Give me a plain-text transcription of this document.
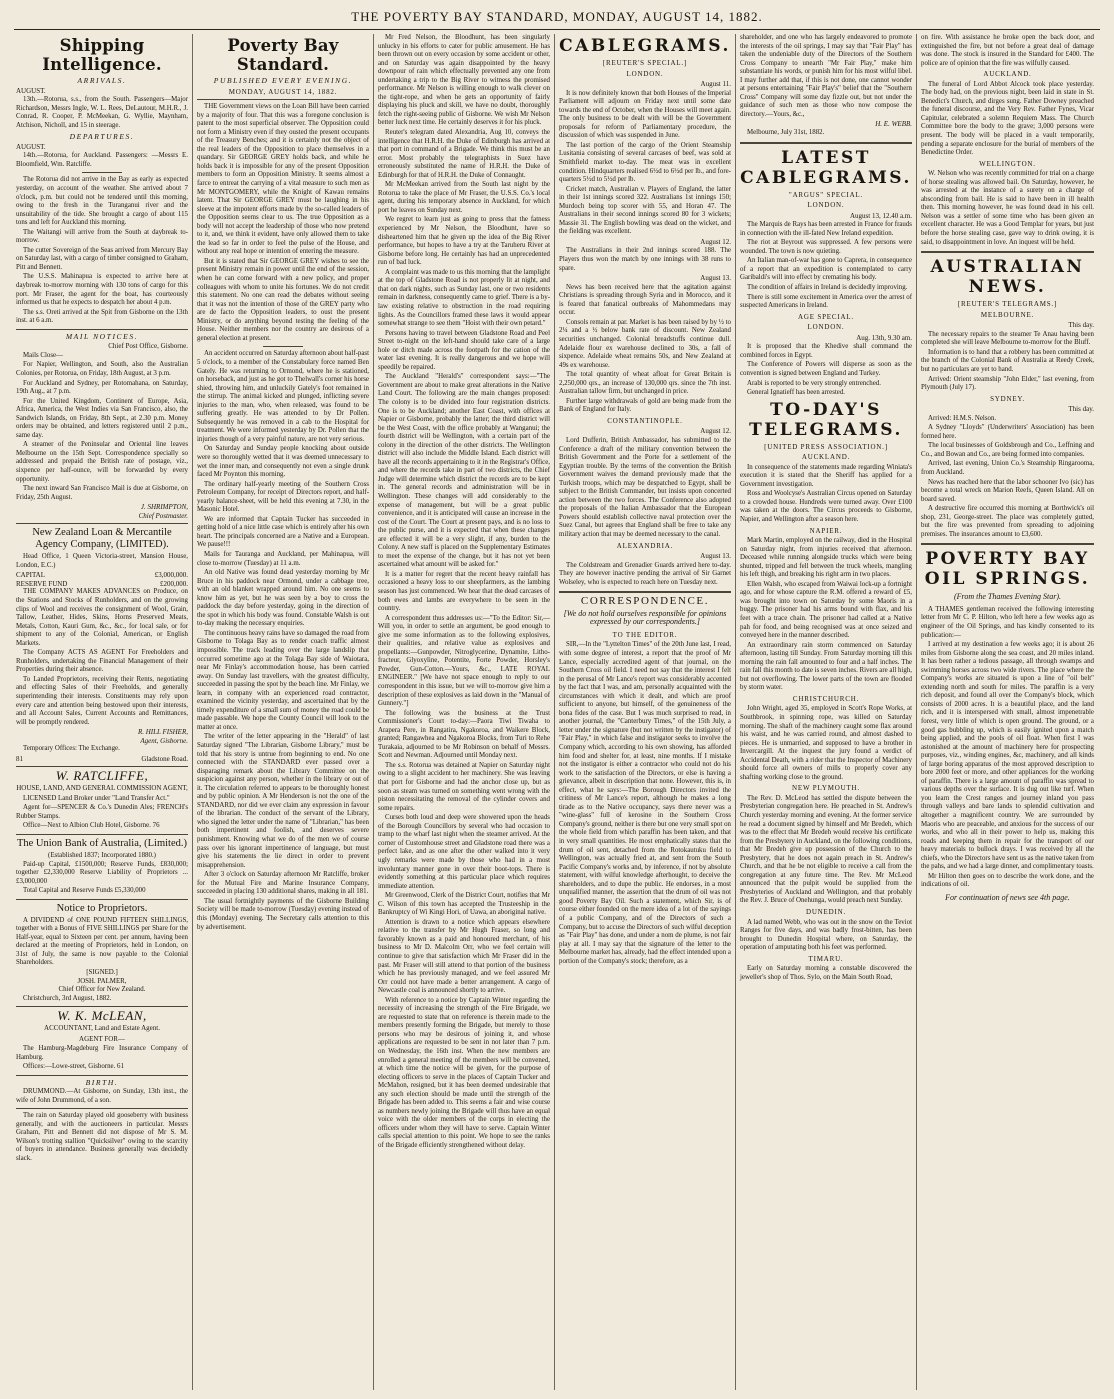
THE POVERTY BAY STANDARD, MONDAY, AUGUST 14, 1882.
Shipping Intelligence.
ARRIVALS.
AUGUST.

13th.—Rotorua, s.s., from the South. Passengers—Major Richardson, Messrs Ingle, W. L. Rees, DeLautour, M.H.R., J. Conrad, R. Cooper, P. McMeekan, G. Wyllie, Maynham, Atchison, Nicholl, and 15 in steerage.

DEPARTURES.
AUGUST.

14th.—Rotorua, for Auckland. Passengers: —Messrs E. Bloomfield, Wm. Ratcliffe.

The Rotorua did not arrive in the Bay as early as expected yesterday, on account of the weather. She arrived about 7 o'clock, p.m. but could not be tendered until this morning, owing to the fresh in the Turanganui river and the unsuitability of the tide. She brought a cargo of about 115 tons and left for Auckland this morning.

The Waitangi will arrive from the South at daybreak to-morrow.

The cutter Sovereign of the Seas arrived from Mercury Bay on Saturday last, with a cargo of timber consigned to Graham, Pitt and Bennett.

The U.S.S. Mahinapua is expected to arrive here at daybreak to-morrow morning with 130 tons of cargo for this port. Mr Fraser, the agent for the boat, has courteously informed us that he expects to despatch her about 4 p.m.

The s.s. Oreti arrived at the Spit from Gisborne on the 13th inst. at 6 a.m.

MAIL NOTICES.
Chief Post Office, Gisborne.

Mails Close—

For Napier, Wellington, and South, also the Australian Colonies, per Rotorua, on Friday, 18th August, at 3 p.m.

For Auckland and Sydney, per Rotomahana, on Saturday, 19th Aug., at 7 p.m.

For the United Kingdom, Continent of Europe, Asia, Africa, America, the West Indies via San Francisco, also, the Sandwich Islands, on Friday, 8th Sept., at 2.30 p.m. Money orders may be obtained, and letters registered until 2 p.m., same day.

A steamer of the Peninsular and Oriental line leaves Melbourne on the 15th Sept. Correspondence specially so addressed and prepaid the British rate of postage, viz., sixpence per half-ounce, will be forwarded by every opportunity.

The next inward San Francisco Mail is due at Gisborne, on Friday, 25th August.

J. SHRIMPTON,
Chief Postmaster.
New Zealand Loan & Mercantile Agency Company, (LIMITED).

Head Office, 1 Queen Victoria-street, Mansion House, London, E.C.)

CAPITAL	£3,000,000.
RESERVE FUND	£200,000.

THE COMPANY MAKES ADVANCES on Produce, on the Stations and Stocks of Runholders, and on the growing clips of Wool and receives the consignment of Wool, Grain, Tallow, Leather, Hides, Skins, Horns Preserved Meats, Metals, Cotton, Kauri Gum, &c., &c., for local sale, or for shipment to any of the Colonial, American, or English Markets.

The Company ACTS AS AGENT For Freeholders and Runholders, undertaking the Financial Management of their Properties during their absence.

To Landed Proprietors, receiving their Rents, negotiating and effecting Sales of their Freeholds, and generally superintending their interests. Constituents may rely upon every care and attention being bestowed upon their interests, and all Account Sales, Current Accounts and Remittances, will be promptly rendered.

R. HILL FISHER,
Agent, Gisborne.

Temporary Offices: The Exchange.

81	Gladstone Road.
W. RATCLIFFE,
HOUSE, LAND, AND GENERAL COMMISSION AGENT,

LICENSED Land Broker under "Land Transfer Act."

Agent for—SPENCER & Co.'s Dunedin Ales; FRENCH's Rubber Stamps.

Office—Next to Albion Club Hotel, Gisborne. 76

The Union Bank of Australia, (Limited.)
(Established 1837; Incorporated 1880.)

Paid-up Capital, £1500,000; Reserve Funds, £830,000; together £2,330,000 Reserve Liability of Proprietors ... £3,000,000

Total Capital and Reserve Funds £5,330,000

Notice to Proprietors.

A DIVIDEND of ONE POUND FIFTEEN SHILLINGS, together with a Bonus of FIVE SHILLINGS per Share for the Half-year, equal to Sixteen per cent. per annum, having been declared at the meeting of Proprietors, held in London, on 31st of July, the same is now payable to the Colonial Shareholders.

[SIGNED.]
JOSH. PALMER,
Chief Officer for New Zealand.

Christchurch, 3rd August, 1882.

W. K. McLEAN,
ACCOUNTANT, Land and Estate Agent.
AGENT FOR—

The Hamburg-Magdeburg Fire Insurance Company of Hamburg.

Offices:—Lowe-street, Gisborne. 61

BIRTH.

DRUMMOND.—At Gisborne, on Sunday, 13th inst., the wife of John Drummond, of a son.

The rain on Saturday played old gooseberry with business generally, and with the auctioneers in particular. Messrs Graham, Pitt and Bennett did not dispose of Mr S. M. Wilson's trotting stallion "Quicksilver" owing to the scarcity of buyers in attendance. Business generally was decidedly slack.

Poverty Bay Standard.
PUBLISHED EVERY EVENING.
MONDAY, AUGUST 14, 1882.

THE Government views on the Loan Bill have been carried by a majority of four. That this was a foregone conclusion is patent to the most superficial observer. The Opposition could not form a Ministry even if they ousted the present occupants of the Treasury Benches; and it is certainly not the object of the real leaders of the Opposition to place themselves in a quandary. Sir GEORGE GREY holds back, and while he holds back it is impossible for any of the present Opposition members to form an Opposition Ministry. It seems almost a farce to entreat the carrying of a vital measure to such men as Mr MONTGOMERY, while the Knight of Kawau remains latent. That Sir GEORGE GREY must be laughing in his sleeve at the impotent efforts made by the so-called leaders of the Opposition seems clear to us. The true Opposition as a body will not accept the leadership of those who now pretend to it, and, we think it evident, have only allowed them to take the lead so far in order to feel the pulse of the House, and without any real hope or intention of entering the measure.

But it is stated that Sir GEORGE GREY wishes to see the present Ministry remain in power until the end of the session, when he can come forward with a new policy, and proper colleagues with whom to unite his fortunes. We do not credit this statement. No one can read the debates without seeing that it was not the intention of those of the GREY party who are de facto the Opposition leaders, to oust the present Ministry, or do anything beyond testing the feeling of the House. Neither members nor the country are desirous of a general election at present.

An accident occurred on Saturday afternoon about half-past 5 o'clock, to a member of the Constabulary force named Ben Gately. He was returning to Ormond, where he is stationed, on horseback, and just as he got to Thelwall's corner his horse shied, throwing him, and unluckily Gately's foot remained in the stirrup. The animal kicked and plunged, inflicting severe injuries to the man, who, when released, was found to be suffering greatly. He was attended to by Dr Pollen. Subsequently he was removed in a cab to the Hospital for treatment. We were informed yesterday by Dr. Pollen that the injuries though of a very painful nature, are not very serious.

On Saturday and Sunday people knocking about outside were so thoroughly wetted that it was deemed unnecessary to wet the inner man, and consequently not even a single drunk faced Mr Poynton this morning.

The ordinary half-yearly meeting of the Southern Cross Petroleum Company, for receipt of Directors report, and half-yearly balance-sheet, will be held this evening at 7.30, in the Masonic Hotel.

We are informed that Captain Tucker has succeeded in getting hold of a nice little case which is entirely after his own heart. The principals concerned are a Native and a European. We pause!!!

Mails for Tauranga and Auckland, per Mahinapua, will close to-morrow (Tuesday) at 11 a.m.

An old Native was found dead yesterday morning by Mr Bruce in his paddock near Ormond, under a cabbage tree, with an old blanket wrapped around him. No one seems to know him as yet, but he was seen by a boy to cross the paddock the day before yesterday, going in the direction of the spot in which his body was found. Constable Walsh is out to-day making the necessary enquiries.

The continuous heavy rains have so damaged the road from Gisborne to Tolaga Bay as to render coach traffic almost impossible. The track leading over the large landslip that occurred sometime ago at the Tolaga Bay side of Waiotara, near Mr Finlay's accommodation house, has been carried away. On Sunday last travellers, with the greatest difficulty, succeeded in passing the spot by the beach line. Mr Finlay, we learn, in company with an experienced road contractor, examined the vicinity yesterday, and ascertained that by the timely expenditure of a small sum of money the road could be made passable. We hope the County Council will look to the matter at once.

The writer of the letter appearing in the "Herald" of last Saturday signed "The Librarian, Gisborne Library," must be told that his story is untrue from beginning to end. No one connected with the STANDARD ever passed over a disparaging remark about the Library Committee on the suspicion against any person, whether in the library or out of it. The circulation referred to appears to be thoroughly honest and by public opinion. A Mr Henderson is not the one of the STANDARD, nor did we ever claim any expression in favour of the librarian. The conduct of the servant of the Library, who signed the letter under the name of "Librarian," has been both impertinent and foolish, and deserves severe punishment. Knowing what we do of the men we of course pass over his ignorant impertinence of language, but must give his statements the lie direct in order to prevent misapprehension.

After 3 o'clock on Saturday afternoon Mr Ratcliffe, broker for the Mutual Fire and Marine Insurance Company, succeeded in placing 130 additional shares, making in all 181.

The usual fortnightly payments of the Gisborne Building Society will be made to-morrow (Tuesday) evening instead of this (Monday) evening. The Secretary calls attention to this by advertisement.

Mr Fred Nelson, the Bloodhunt, has been singularly unlucky in his efforts to cater for public amusement. He has been thrown out on every occasion by some accident or other, and on Saturday was again disappointed by the heavy downpour of rain which effectually prevented any one from undertaking a trip to the Big River to witness the promised performance. Mr Nelson is willing enough to walk clever on the tight-rope, and when he gets an opportunity of fairly displaying his pluck and skill, we have no doubt, thoroughly fetch the right-seeing public of Gisborne. We wish Mr Nelson better luck next time. He certainly deserves it for his pluck.

Reuter's telegram dated Alexandria, Aug 10, conveys the intelligence that H.R.H. the Duke of Edinburgh has arrived at that port in command of a Brigade. We think this must be an error. Most probably the telegraphists in Suez have erroneously substituted the name of H.R.H. the Duke of Edinburgh for that of H.R.H. the Duke of Connaught.

Mr McMeekan arrived from the South last night by the Rotorua to take the place of Mr Fraser, the U.S.S. Co.'s local agent, during his temporary absence in Auckland, for which port he leaves on Sunday next.

We regret to learn just as going to press that the fatness experienced by Mr Nelson, the Bloodhunt, have so disheartened him that he given up the idea of the Big River performance, but hopes to have a try at the Taruheru River at Gisborne before long. He certainly has had an unprecedented run of bad luck.

A complaint was made to us this morning that the lamplight at the top of Gladstone Road is not properly lit at night, and that on dark nights, such as Sunday last, one or two residents remain in darkness, consequently came to grief. There is a by-law existing relative to obstruction in the road requiring lights. As the Councillors framed these laws it would appear somewhat strange to see them "Hoist with their own petard."

Persons having to travel between Gladstone Road and Peel Street to-night on the left-hand should take care of a large hole or ditch made across the footpath for the cation of the water last evening. It is really dangerous and we hope will speedily be repaired.

The Auckland "Herald's" correspondent says:—"The Government are about to make great alterations in the Native Land Court. The following are the main changes proposed: The colony is to be divided into four registration districts. One is to be Auckland; another East Coast, with offices at Napier or Gisborne, probably the latter; the third district will be the West Coast, with the office probably at Wanganui; the fourth district will be Wellington, with a certain part of the colony in the direction of the other districts. The Wellington district will also include the Middle Island. Each district will have all the records appertaining to it in the Registrar's Office, and where the records take in part of two districts, the Chief Judge will determine which district the records are to be kept in. The general records and administration will be in Wellington. These changes will add considerably to the expense of management, but will be a great public convenience, and it is anticipated will cause an increase in the cost of the Court. The Court at present pays, and is no loss to the public purse, and it is expected that when these changes are effected it will be a very slight, if any, burden to the Colony. A new staff is placed on the Supplementary Estimates to meet the expense of the change, but it has not yet been ascertained what amount will be asked for."

It is a matter for regret that the recent heavy rainfall has occasioned a heavy loss to our sheepfarmers, as the lambing season has just commenced. We hear that the dead carcases of both ewes and lambs are everywhere to be seen in the country.

A correspondent thus addresses us:—"To the Editor: Sir,—Will you, in order to settle an argument, be good enough to give me some information as to the following explosives, their qualities, and relative value as explosives and propellants:—Gunpowder, Nitroglycerine, Dynamite, Litho-fracteur, Glyoxyline, Potentite, Forte Powder, Horsley's Powder, Gun-Cotton.—Yours, &c., LATE ROYAL ENGINEER." [We have not space enough to reply to our correspondent in this issue, but we will to-morrow give him a description of these explosives as laid down in the "Manual of Gunnery."]

The following was the business at the Trust Commissioner's Court to-day:—Paora Tiwi Tiwaha to Arapera Pere, in Rangatira, Ngakoroa, and Waikere Block, granted; Rangawhea and Ngakoroa Blocks, from Turi to Rehe Turakaia, adjourned to be Mr Robinson on behalf of Messrs. Scott and Newman. Adjourned until Monday next.

The s.s. Rotorua was detained at Napier on Saturday night owing to a slight accident to her machinery. She was leaving that port for Gisborne and had the anchor close up, but as soon as steam was turned on something went wrong with the piston necessitating the removal of the cylinder covers and some repairs.

Curses both loud and deep were showered upon the heads of the Borough Councillors by several who had occasion to tramp to the wharf last night when the steamer arrived. At the corner of Customhouse street and Gladstone road there was a perfect lake, and as one after the other walked into it very ugly remarks were made by those who had in a most involuntary manner gone in over their boot-tops. There is evidently something at this particular place which requires immediate attention.

Mr Greenwood, Clerk of the District Court, notifies that Mr C. Wilson of this town has accepted the Trusteeship in the Bankruptcy of Wi Kingi Hori, of Uawa, an aboriginal native.

Attention is drawn to a notice which appears elsewhere relative to the transfer by Mr Hugh Fraser, so long and favorably known as a paid and honoured merchant, of his business to Mr D. Malcolm Orr, who we feel certain will continue to give that satisfaction which Mr Fraser did in the past. Mr Fraser will still attend to that portion of the business which he has previously managed, and we feel assured Mr Orr could not have made a better arrangement. A cargo of Newcastle coal is announced shortly to arrive.

With reference to a notice by Captain Winter regarding the necessity of increasing the strength of the Fire Brigade, we are requested to state that on reference is therein made to the members presently forming the Brigade, but merely to those persons who may be desirous of joining it, and whose applications are requested to be sent in not later than 7 p.m. on Wednesday, the 16th inst. When the new members are enrolled a general meeting of the members will be convened, at which time the notice will be given, for the purpose of electing officers to serve in the places of Captain Tucker and McMahon, resigned, but it has been deemed undesirable that any such election should be made until the strength of the Brigade has been added to. This seems a fair and wise course as numbers newly joining the Brigade will thus have an equal voice with the older members of the corps in electing the officers under whom they will have to serve. Captain Winter calls special attention to this point. We hope to see the ranks of the Brigade efficiently strengthened without delay.

CABLEGRAMS.
[REUTER'S SPECIAL.]
LONDON.
August 11.

It is now definitely known that both Houses of the Imperial Parliament will adjourn on Friday next until some date towards the end of October, when the Houses will meet again. The only business to be dealt with will be the Government proposals for reform of Parliamentary procedure, the discussion of which was suspended in June.

The last portion of the cargo of the Orient Steamship Lusitania consisting of several carcases of beef, was sold at Smithfield market to-day. The meat was in excellent condition. Hindquarters realised 6½d to 6½d per lb., and fore-quarters 5½d to 5½d per lb.

Cricket match, Australian v. Players of England, the latter in their 1st innings scored 322. Australians 1st innings 150; Murdoch being top scorer with 55, and Horan 47. The Australians in their second innings scored 80 for 3 wickets; Massie 31. The English bowling was dead on the wicket, and the fielding was excellent.

August 12.

The Australians in their 2nd innings scored 188. The Players thus won the match by one innings with 38 runs to spare.

August 13.

News has been received here that the agitation against Christians is spreading through Syria and in Morocco, and it is feared that fanatical outbreaks of Mahommedans may occur.

Consols remain at par. Market is has been raised by by ½ to 2¼ and a ½ below bank rate of discount. New Zealand securities unchanged. Colonial breadstuffs continue dull. Adelaide flour ex warehouse declined to 30s, a fall of sixpence. Adelaide wheat remains 50s, and New Zealand at 49s ex warehouse.

The total quantity of wheat afloat for Great Britain is 2,250,000 qrs., an increase of 130,000 qrs. since the 7th inst. Australian tallow firm, but unchanged in price.

Further large withdrawals of gold are being made from the Bank of England for Italy.

CONSTANTINOPLE.
August 12.

Lord Dufferin, British Ambassador, has submitted to the Conference a draft of the military convention between the British Government and the Porte for a settlement of the Egyptian trouble. By the terms of the convention the British Government waives the demand previously made that the Turkish troops, which may be despatched to Egypt, shall be subject to the British Commander, but insists upon concerted action between the two forces. The Conference also adopted the proposals of the Italian Ambassador that the European Powers should establish collective naval protection over the Suez Canal, but agrees that England shall be free to take any military action that may be deemed necessary to the canal.

ALEXANDRIA.
August 13.

The Coldstream and Grenadier Guards arrived here to-day. They are however inactive pending the arrival of Sir Garnet Wolseley, who is expected to reach here on Tuesday next.

CORRESPONDENCE.
[We do not hold ourselves responsible for opinions expressed by our correspondents.]
TO THE EDITOR.

SIR,—In the "Lyttelton Times" of the 20th June last, I read, with some degree of interest, a report that the proof of Mr Lance, especially accredited agent of that journal, on the Southern Cross oil field. I need not say that the interest I felt in the perusal of Mr Lance's report was considerably accented by the fact that I was, and am, personally acquainted with the circumstances with which it dealt, and which are proof sufficient to anyone, but himself, of the genuineness of the bona fides of the case. But I was much surprised to read, in another journal, the "Canterbury Times," of the 15th July, a letter under the signature (but not written by the instigator) of "Fair Play," in which false and instigator seeks to involve the Company which, according to his own showing, has afforded him food and shelter for, at least, nine months. If I mistake not the instigator is either a contractor who could not do his work to the satisfaction of the Directors, or else is having a grievance, albeit in description that none. However, this is, in effect, what he says:—The Borough Directors invited the critiness of Mr Lance's report, although he makes a long tirade as to the Native occupancy, says there never was a "wine-glass" full of kerosine in the Southern Cross Company's ground, neither is there but one very small spot on the whole field from which paraffin has been taken, and that in very small quantities. He most emphatically states that the drum of oil sent, detached from the Rotokautuku field to Wellington, was actually fried at, and sent from the South Pacific Company's works and, by inference, if not by absolute statement, with wilful knowledge afterhought, to deceive the shareholders, and to dupe the public. He endorses, in a most unqualified manner, the assertion that the drum of oil was not good Poverty Bay Oil. Such a statement, which Sir, is of course either founded on the mere idea of a lot of the sayings of a public Company, and of the Directors of such a Company, but to accuse the Directors of such wilful deception as "Fair Play" has done, and under a nom de plume, is not fair play at all. I may say that the signature of the letter to the Melbourne market has, already, had the effect intended upon a portion of the Company's stock; therefore, as a

shareholder, and one who has largely endeavored to promote the interests of the oil springs, I may say that "Fair Play" has taken the undeniable duty of the Directors of the Southern Cross Company to unearth "Mr Fair Play," make him substantiate his words, or punish him for his most wilful libel. I may further add that, if this is not done, one cannot wonder at persons entertaining "Fair Play's" belief that the "Southern Cross" Company will some day fizzle out, but not under the guidance of such men as those who now compose the directory.—Yours, &c.,

H. E. WEBB.

Melbourne, July 31st, 1882.

LATEST CABLEGRAMS.
"ARGUS" SPECIAL.
LONDON.
August 13, 12.40 a.m.

The Marquis de Rays has been arrested in France for frauds in connection with the ill-fated New Ireland expedition.

The riot at Beyrout was suppressed. A few persons were wounded. The town is now quieting.

An Italian man-of-war has gone to Caprera, in consequence of a report that an expedition is contemplated to carry Garibaldi's will into effect by cremating his body.

The condition of affairs in Ireland is decidedly improving.

There is still some excitement in America over the arrest of suspected Americans in Ireland.

AGE SPECIAL.
LONDON.
Aug. 13th, 9.30 am.

It is proposed that the Khedive shall command the combined forces in Egypt.

The Conference of Powers will disperse as soon as the convention is signed between England and Turkey.

Arabi is reported to be very strongly entrenched.

General Ignatieff has been arrested.

TO-DAY'S TELEGRAMS.
[UNITED PRESS ASSOCIATION.]
AUCKLAND.

In consequence of the statements made regarding Winiata's execution it is stated that the Sheriff has applied for a Government investigation.

Ross and Woolcyse's Australian Circus opened on Saturday to a crowded house. Hundreds were turned away. Over £100 was taken at the doors. The Circus proceeds to Gisborne, Napier, and Wellington after a season here.

NAPIER.

Mark Martin, employed on the railway, died in the Hospital on Saturday night, from injuries received that afternoon. Deceased while running alongside trucks which were being shunted, tripped and fell between the truck wheels, mangling his left thigh, and breaking his right arm in two places.

Ellen Walsh, who escaped from Waiwai lock-up a fortnight ago, and for whose capture the R.M. offered a reward of £5, was brought into town on Saturday by some Maoris in a buggy. The prisoner had his arms bound with flax, and his feet with a trace chain. The prisoner had called at a Native pah for food, and being recognised was at once seized and conveyed here in the manner described.

An extraordinary rain storm commenced on Saturday afternoon, lasting till Sunday. From Saturday morning till this morning the rain fall amounted to four and a half inches. The rain fall this month to date is seven inches. Rivers are all high, but not overflowing. The lower parts of the town are flooded by storm water.

CHRISTCHURCH.

John Wright, aged 35, employed in Scott's Rope Works, at Southbrook, in spinning rope, was killed on Saturday morning. The shaft of the machinery caught some flax around his waist, and he was carried round, and almost dashed to pieces. He is unmarried, and supposed to have a brother in Invercargill. At the inquest the jury found a verdict of Accidental Death, with a rider that the Inspector of Machinery should force all owners of mills to properly cover any shafting working close to the ground.

NEW PLYMOUTH.

The Rev. D. McLeod has settled the dispute between the Presbyterian congregation here. He preached in St. Andrew's Church yesterday morning and evening. At the former service he read a document signed by himself and Mr Bredeh, which was to the effect that Mr Bredeh would receive his certificate from the Presbytery in Auckland, on the following conditions, that Mr Bredeh give up possession of the Church to the Presbytery, that he does not again preach in St. Andrew's Church, and that he be not eligible to receive a call from the congregation at any future time. The Rev. Mr McLeod announced that the pulpit would be supplied from the Presbyteries of Auckland and Wellington, and that probably the Rev. J. Bruce of Onehunga, would preach next Sunday.

DUNEDIN.

A lad named Webb, who was out in the snow on the Teviot Ranges for five days, and was badly frost-bitten, has been brought to Dunedin Hospital where, on Saturday, the operation of amputating both his feet was performed.

TIMARU.

Early on Saturday morning a constable discovered the jeweller's shop of Thos. Sylo, on the Main South Road,

on fire. With assistance he broke open the back door, and extinguished the fire, but not before a great deal of damage was done. The stock is insured in the Standard for £400. The police are of opinion that the fire was wilfully caused.

AUCKLAND.

The funeral of Lord Abbot Alcock took place yesterday. The body had, on the previous night, been laid in state in St. Benedict's Church, and dirges sung. Father Downey preached the funeral discourse, and the Very Rev. Father Fynes, Vicar Capitular, celebrated a solemn Requiem Mass. The Church Committee bore the body to the grave; 3,000 persons were present. The body will be placed in a vault temporarily, pending a separate enclosure for the burial of members of the Benedictine Order.

WELLINGTON.

W. Nelson who was recently committed for trial on a charge of horse stealing was allowed bail. On Saturday, however, he was arrested at the instance of a surety on a charge of absconding from bail. He is said to have been in ill health then. This morning however, he was found dead in his cell. Nelson was a settler of some time who has been given an excellent character. He was a Good Templar for years, but just before the horse stealing case, gave way to drink owing, it is said, to disappointment in love. An inquest will be held.

AUSTRALIAN NEWS.
[REUTER'S TELEGRAMS.]
MELBOURNE.
This day.

The necessary repairs to the steamer Te Anau having been completed she will leave Melbourne to-morrow for the Bluff.

Information is to hand that a robbery has been committed at the branch of the Colonial Bank of Australia at Reedy Creek, but no particulars are yet to hand.

Arrived: Orient steamship "John Elder," last evening, from Plymouth (July 17).

SYDNEY.
This day.

Arrived: H.M.S. Nelson.

A Sydney "Lloyds" (Underwriters' Association) has been formed here.

The local businesses of Goldsbrough and Co., Leffning and Co., and Bowan and Co., are being formed into companies.

Arrived, last evening, Union Co.'s Steamship Ringarooma, from Auckland.

News has reached here that the labor schooner Ivo (sic) has become a total wreck on Marion Reefs, Queen Island. All on board saved.

A destructive fire occurred this morning at Borthwick's oil shop, 231, George-street. The place was completely gutted, but the fire was prevented from spreading to adjoining premises. The insurances amount to £3,600.

POVERTY BAY OIL SPRINGS.
(From the Thames Evening Star).

A THAMES gentleman received the following interesting letter from Mr C. P. Hilton, who left here a few weeks ago as engineer of the Oil Springs, and has kindly consented to its publication:—

I arrived at my destination a few weeks ago; it is about 26 miles from Gisborne along the sea coast, and 20 miles inland. It has been rather a tedious passage, all through swamps and swimming horses across two wide rivers. The place where the Company's works are situated is upon a line of "oil belt" extending north and south for miles. The paraffin is a very rich deposit, and found all over the Company's block, which consists of 2000 acres. It is a beautiful place, and the land rich, and it is interspersed with small, almost impenetrable forest, very little of which is open ground. The ground, or a good gas bubbling up, which is easily ignited upon a match being applied, and the pools of oil float. When first I was astonished at the amount of machinery here for prospecting purposes, viz., winding engines, &c, machinery, and all kinds of large boring apparatus of the most approved description to bore 2000 feet or more, and other appliances for the working of paraffin. There is a large amount of paraffin was spread to various depths over the surface. It is dug out like turf. When you learn the Crest ranges and journey inland you pass through valleys and bare lands to splendid cultivation and altogether a magnificent country. We are surrounded by Maoris who are peaceable, and anxious for the success of our works, and who all in their power to help us, making this roads and keeping them in repair for the transport of our heavy materials to bullock drays. I was received by all the chiefs, who the Directors have sent us as the native taken from the pahs, and we had a large dinner, and complimentary toasts.

Mr Hilton then goes on to describe the work done, and the indications of oil.

For continuation of news see 4th page.
